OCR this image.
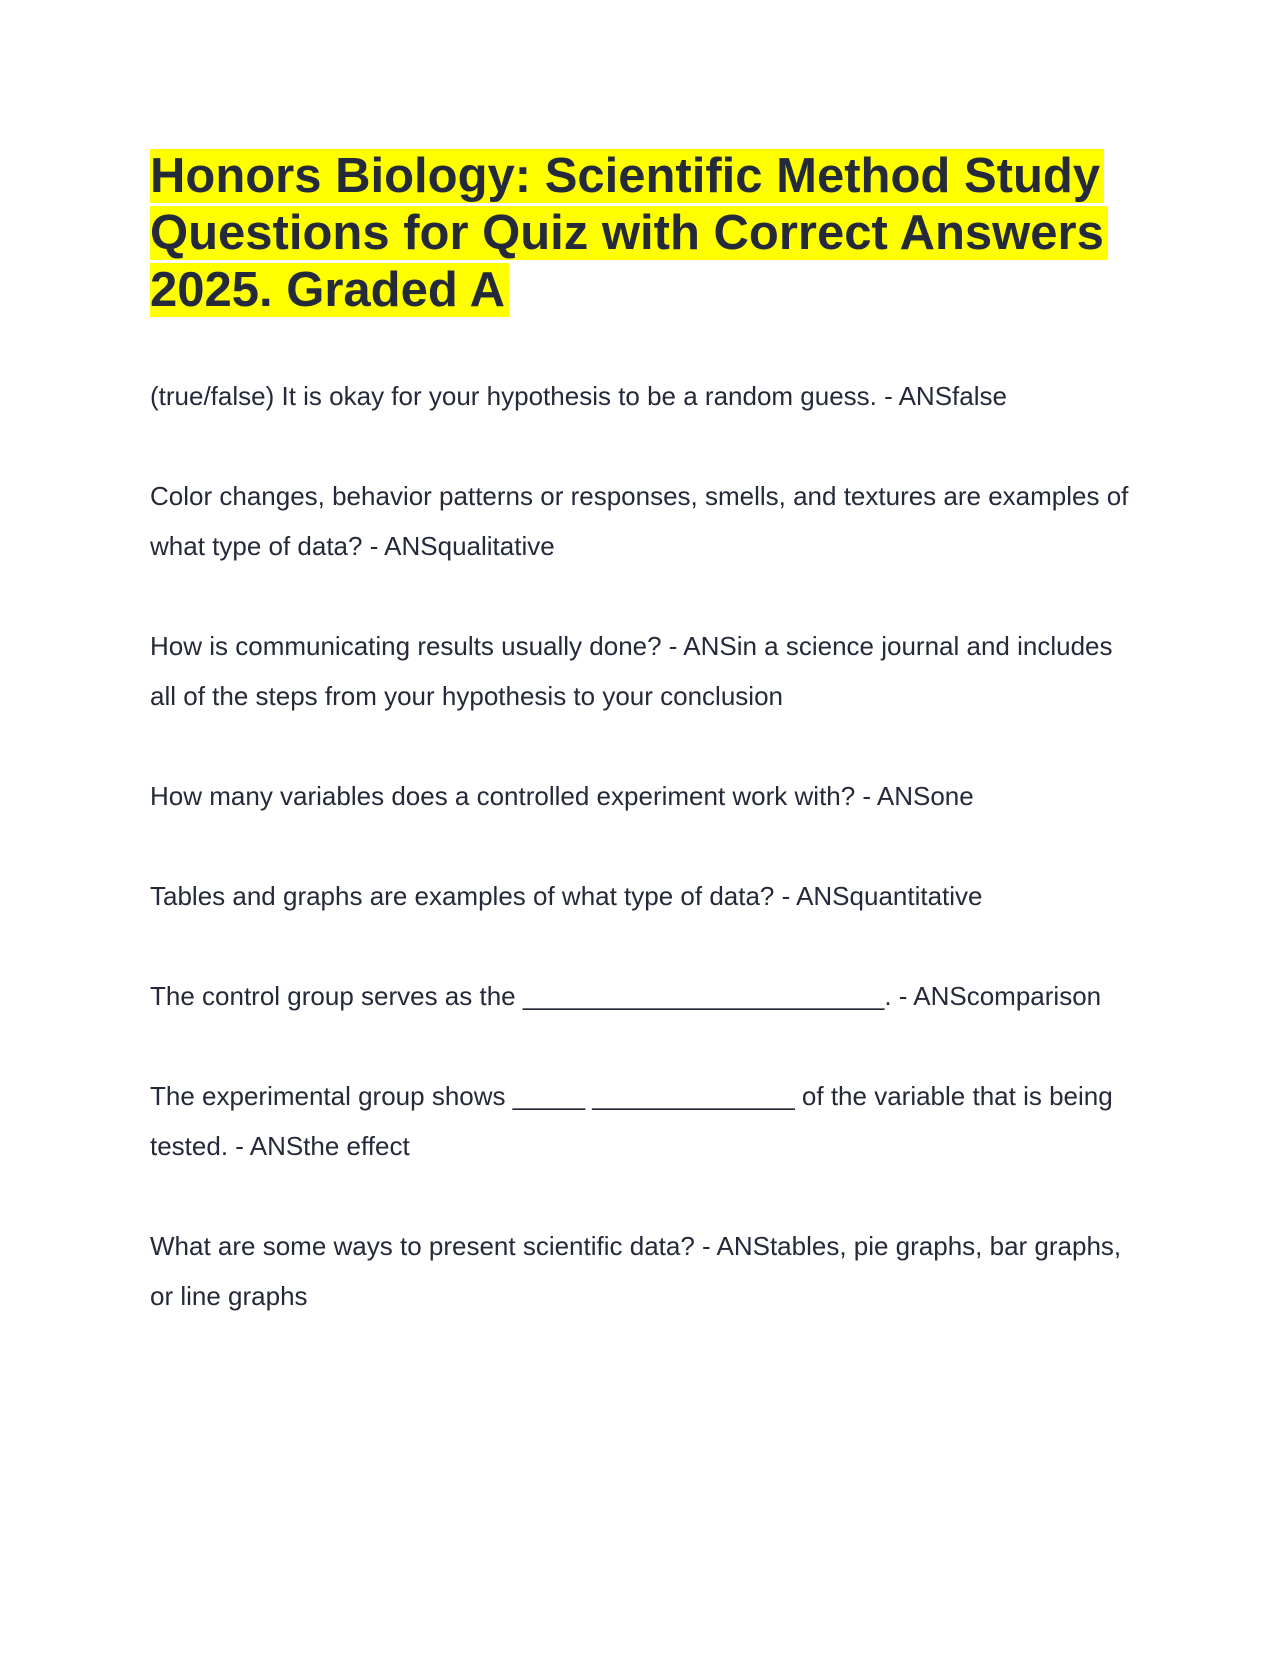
Honors Biology: Scientific Method Study Questions for Quiz with Correct Answers 2025. Graded A

(true/false) It is okay for your hypothesis to be a random guess. - ANSfalse

Color changes, behavior patterns or responses, smells, and textures are examples of what type of data? - ANSqualitative

How is communicating results usually done? - ANSin a science journal and includes all of the steps from your hypothesis to your conclusion

How many variables does a controlled experiment work with? - ANSone

Tables and graphs are examples of what type of data? - ANSquantitative

The control group serves as the _________________________. - ANScomparison

The experimental group shows _____ ______________ of the variable that is being tested. - ANSthe effect

What are some ways to present scientific data? - ANStables, pie graphs, bar graphs, or line graphs
